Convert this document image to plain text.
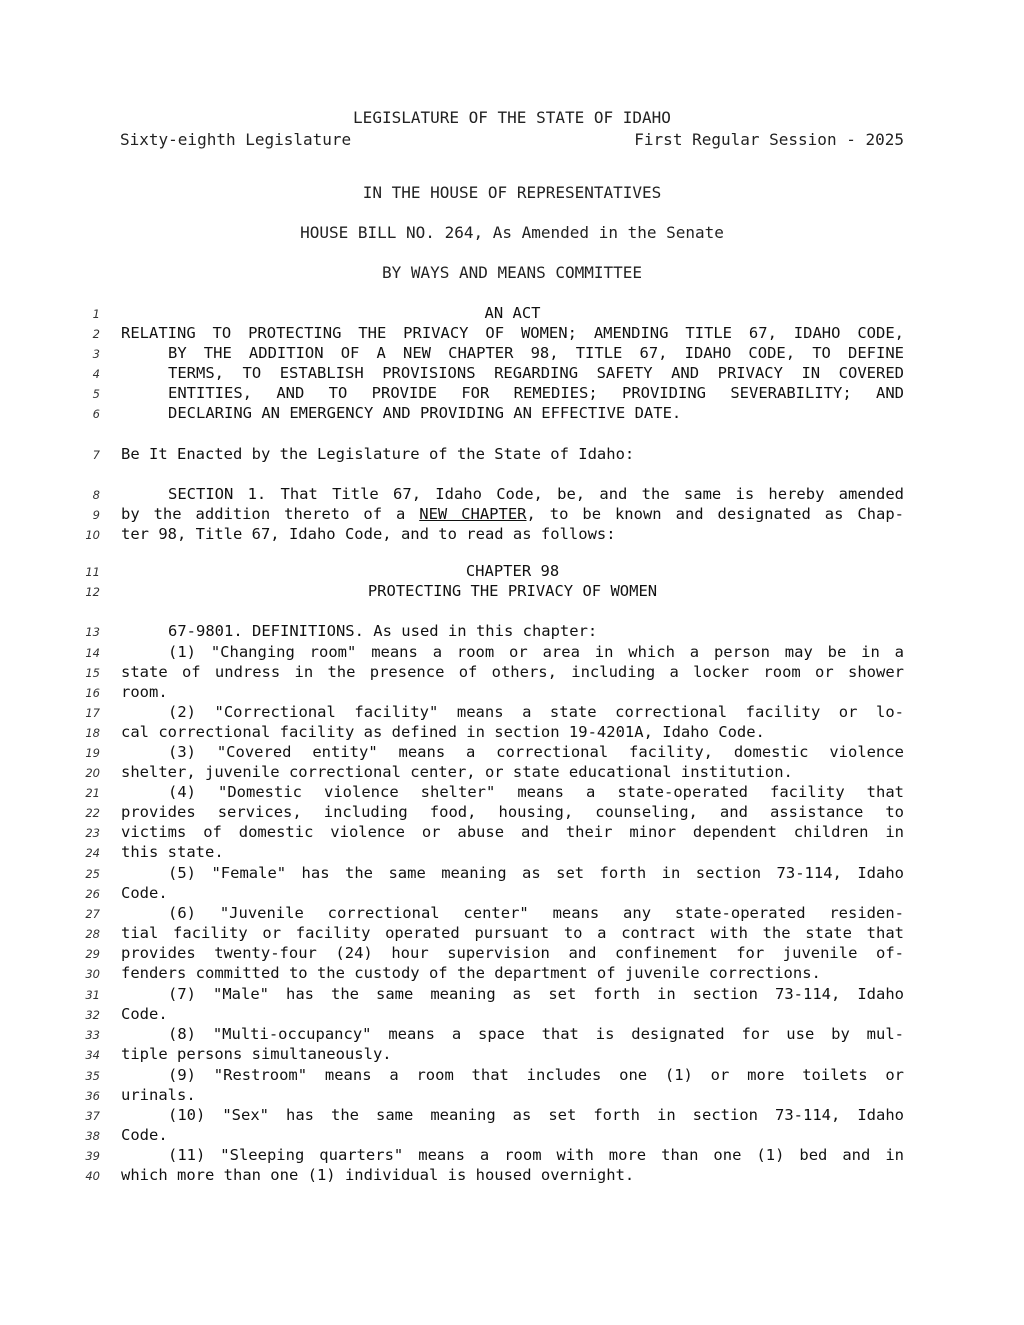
LEGISLATURE OF THE STATE OF IDAHO
Sixty-eighth Legislature	First Regular Session - 2025
IN THE HOUSE OF REPRESENTATIVES
HOUSE BILL NO. 264, As Amended in the Senate
BY WAYS AND MEANS COMMITTEE
1
2
3
4
5
6
7
8
9
10
11
12
13
14
15
16
17
18
19
20
21
22
23
24
25
26
27
28
29
30
31
32
33
34
35
36
37
38
39
40
AN ACT
RELATING TO PROTECTING THE PRIVACY OF WOMEN; AMENDING TITLE 67, IDAHO CODE,
BY THE ADDITION OF A NEW CHAPTER 98, TITLE 67, IDAHO CODE, TO DEFINE
TERMS, TO ESTABLISH PROVISIONS REGARDING SAFETY AND PRIVACY IN COVERED
ENTITIES, AND TO PROVIDE FOR REMEDIES; PROVIDING SEVERABILITY; AND
DECLARING AN EMERGENCY AND PROVIDING AN EFFECTIVE DATE.
Be It Enacted by the Legislature of the State of Idaho:
SECTION 1. That Title 67, Idaho Code, be, and the same is hereby amended
by the addition thereto of a NEW CHAPTER, to be known and designated as Chap-
ter 98, Title 67, Idaho Code, and to read as follows:
CHAPTER 98
PROTECTING THE PRIVACY OF WOMEN
67-9801. DEFINITIONS. As used in this chapter:
(1) "Changing room" means a room or area in which a person may be in a
state of undress in the presence of others, including a locker room or shower
room.
(2) "Correctional facility" means a state correctional facility or lo-
cal correctional facility as defined in section 19-4201A, Idaho Code.
(3) "Covered entity" means a correctional facility, domestic violence
shelter, juvenile correctional center, or state educational institution.
(4) "Domestic violence shelter" means a state-operated facility that
provides services, including food, housing, counseling, and assistance to
victims of domestic violence or abuse and their minor dependent children in
this state.
(5) "Female" has the same meaning as set forth in section 73-114, Idaho
Code.
(6) "Juvenile correctional center" means any state-operated residen-
tial facility or facility operated pursuant to a contract with the state that
provides twenty-four (24) hour supervision and confinement for juvenile of-
fenders committed to the custody of the department of juvenile corrections.
(7) "Male" has the same meaning as set forth in section 73-114, Idaho
Code.
(8) "Multi-occupancy" means a space that is designated for use by mul-
tiple persons simultaneously.
(9) "Restroom" means a room that includes one (1) or more toilets or
urinals.
(10) "Sex" has the same meaning as set forth in section 73-114, Idaho
Code.
(11) "Sleeping quarters" means a room with more than one (1) bed and in
which more than one (1) individual is housed overnight.
